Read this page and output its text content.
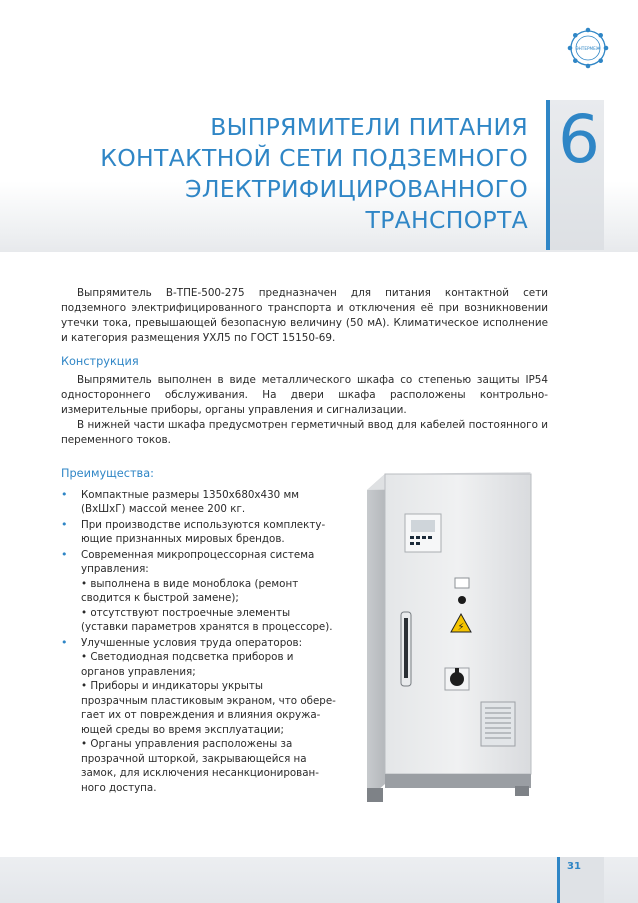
ЭНТЕРМЕЖ
ВЫПРЯМИТЕЛИ ПИТАНИЯ
КОНТАКТНОЙ СЕТИ ПОДЗЕМНОГО
ЭЛЕКТРИФИЦИРОВАННОГО
ТРАНСПОРТА
6

Выпрямитель В-ТПЕ-500-275 предназначен для питания контактной сети подземного электрифицированного транспорта и отключения её при возникновении утечки тока, превышающей безопасную величину (50 мА). Климатическое исполнение и категория размещения УХЛ5 по ГОСТ 15150-69.

Конструкция

Выпрямитель выполнен в виде металлического шкафа со степенью защиты IP54 одностороннего обслуживания. На двери шкафа расположены контрольно-измерительные приборы, органы управления и сигнализации.

В нижней части шкафа предусмотрен герметичный ввод для кабелей постоянного и переменного токов.

Преимущества:

• Компактные размеры 1350х680х430 мм
(ВхШхГ) массой менее 200 кг.
• При производстве используются комплекту-
ющие признанных мировых брендов.
• Современная микропроцессорная система
управления:
• выполнена в виде моноблока (ремонт
сводится к быстрой замене);
• отсутствуют построечные элементы
(уставки параметров хранятся в процессоре).
• Улучшенные условия труда операторов:
• Светодиодная подсветка приборов и
органов управления;
• Приборы и индикаторы укрыты
прозрачным пластиковым экраном, что обере-
гает их от повреждения и влияния окружа-
ющей среды во время эксплуатации;
• Органы управления расположены за
прозрачной шторкой, закрывающейся на
замок, для исключения несанкционирован-
ного доступа.
⚡
31
